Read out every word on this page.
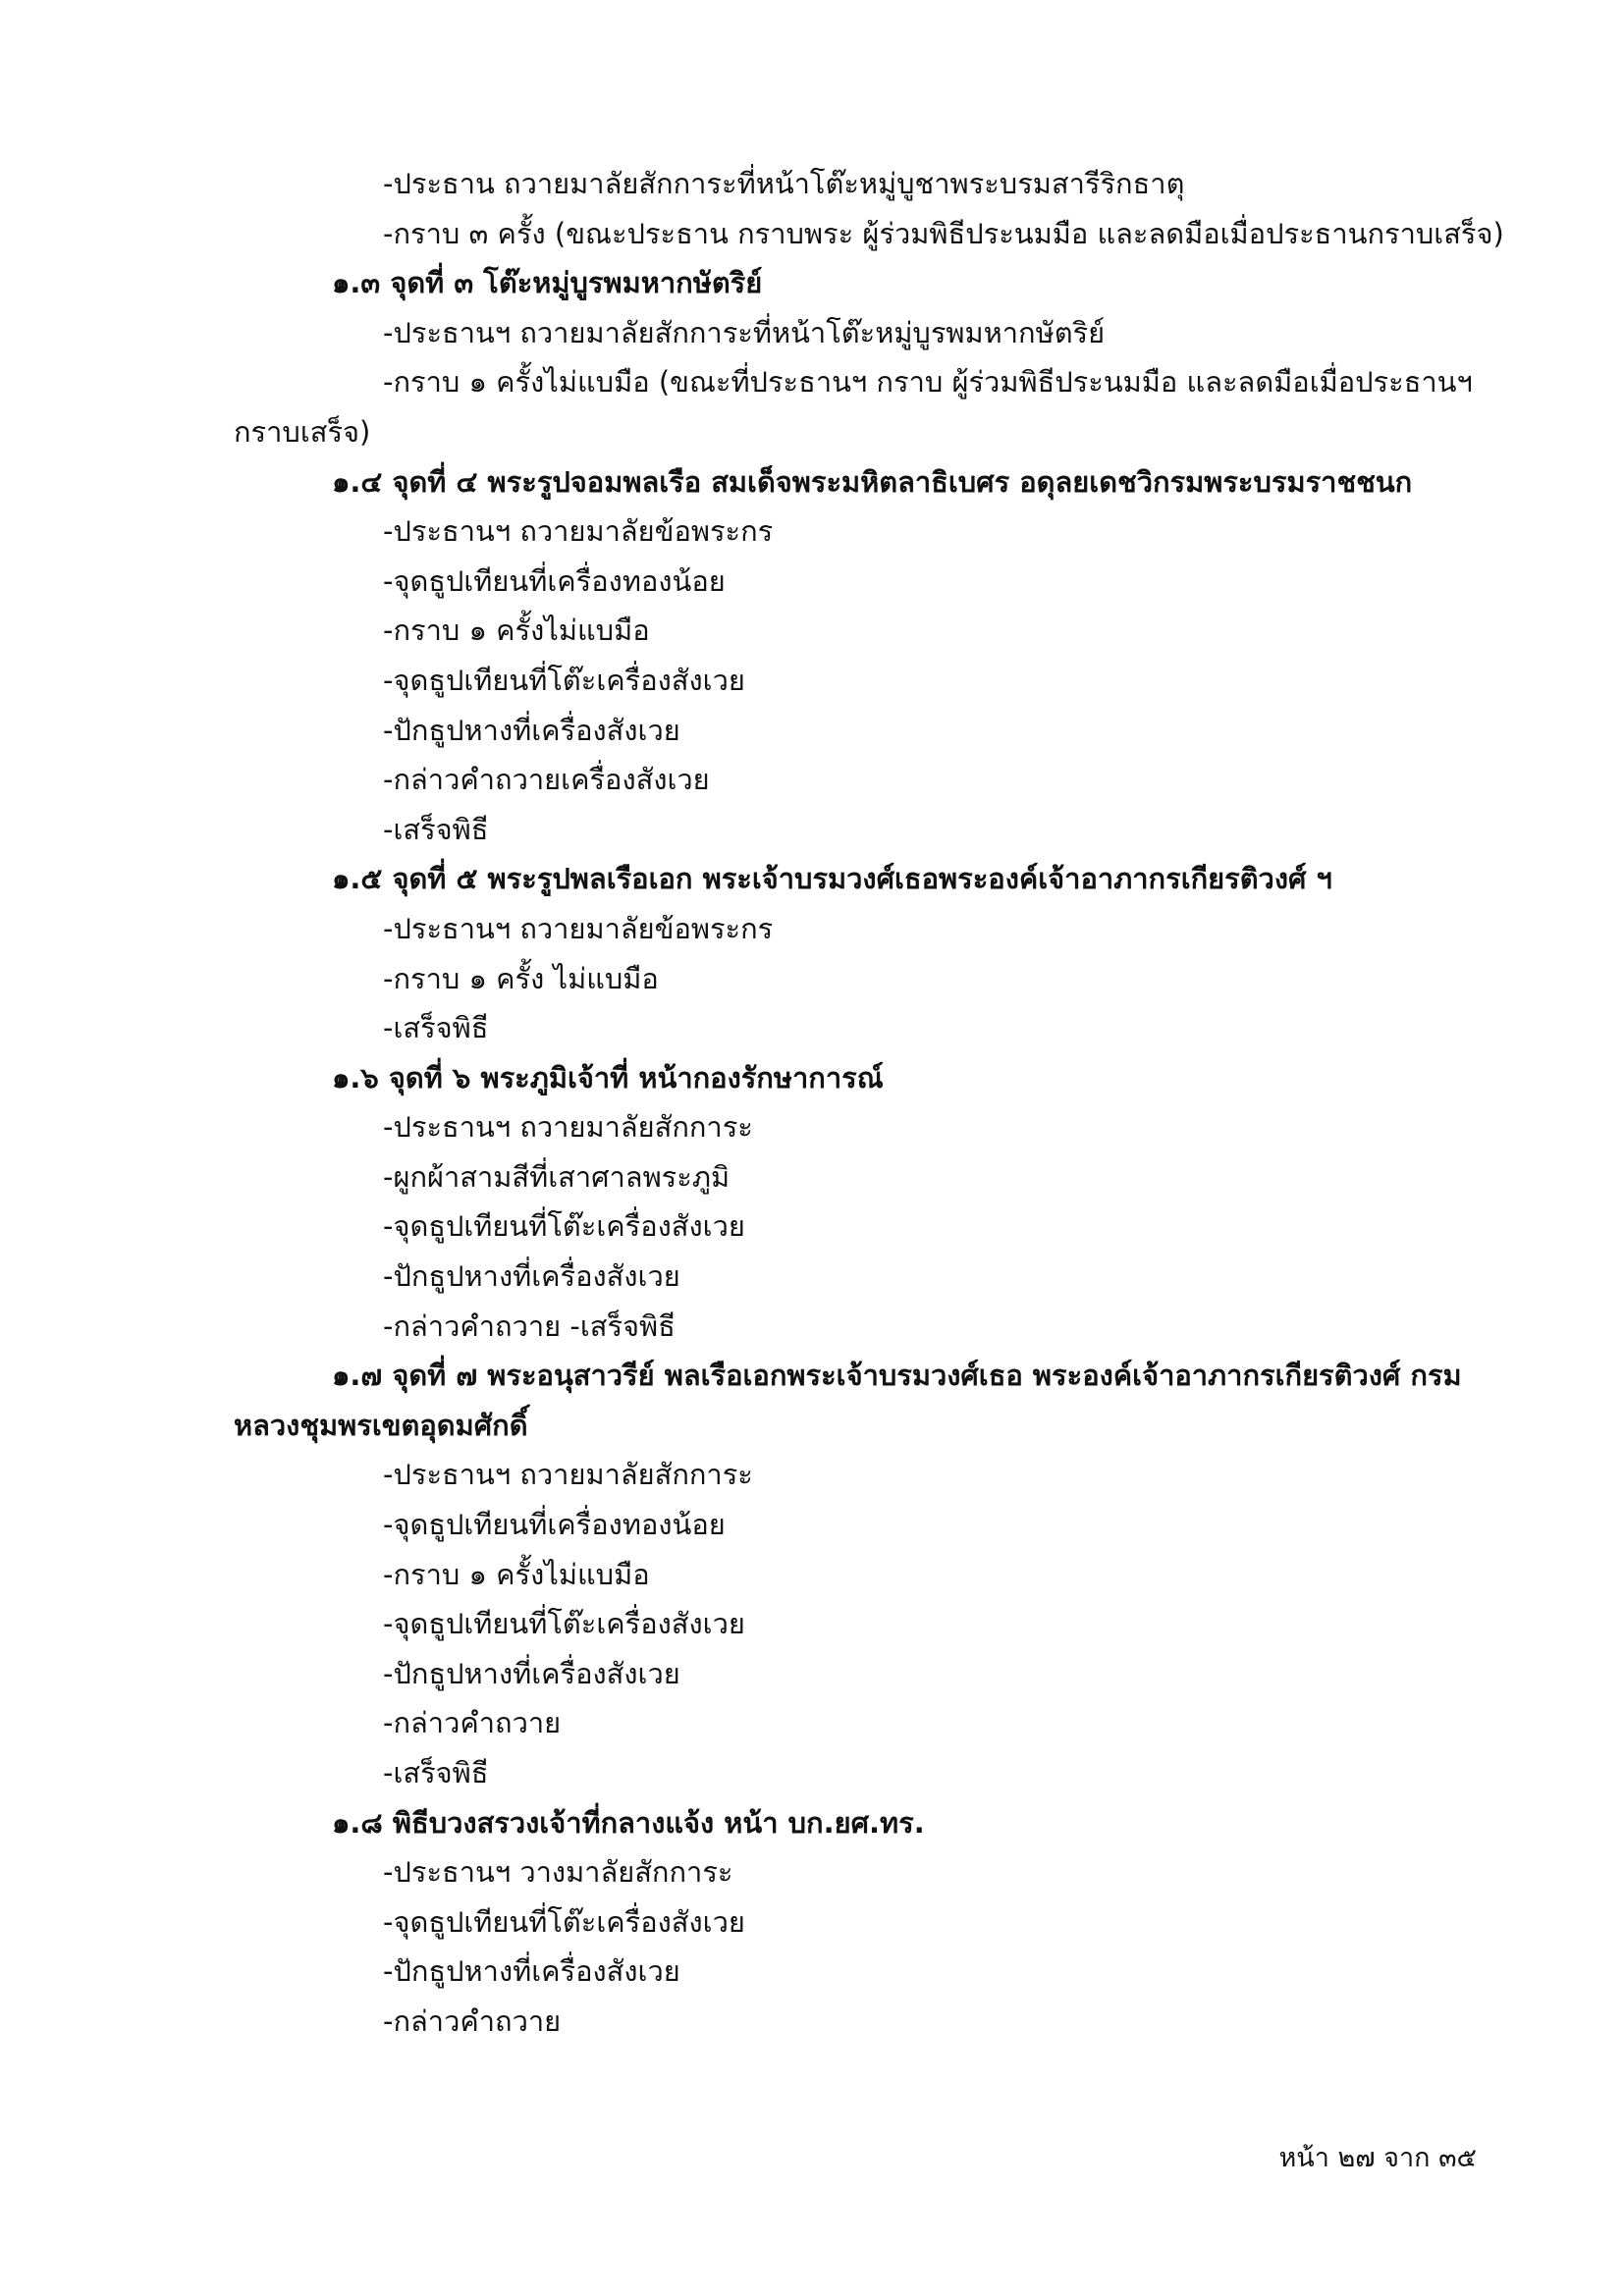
-ประธาน ถวายมาลัยสักการะที่หน้าโต๊ะหมู่บูชาพระบรมสารีริกธาตุ
-กราบ ๓ ครั้ง (ขณะประธาน กราบพระ ผู้ร่วมพิธีประนมมือ และลดมือเมื่อประธานกราบเสร็จ)
๑.๓ จุดที่ ๓ โต๊ะหมู่บูรพมหากษัตริย์
-ประธานฯ ถวายมาลัยสักการะที่หน้าโต๊ะหมู่บูรพมหากษัตริย์
-กราบ ๑ ครั้งไม่แบมือ (ขณะที่ประธานฯ กราบ ผู้ร่วมพิธีประนมมือ และลดมือเมื่อประธานฯ
กราบเสร็จ)
๑.๔ จุดที่ ๔ พระรูปจอมพลเรือ สมเด็จพระมหิตลาธิเบศร อดุลยเดชวิกรมพระบรมราชชนก
-ประธานฯ ถวายมาลัยข้อพระกร
-จุดธูปเทียนที่เครื่องทองน้อย
-กราบ ๑ ครั้งไม่แบมือ
-จุดธูปเทียนที่โต๊ะเครื่องสังเวย
-ปักธูปหางที่เครื่องสังเวย
-กล่าวคำถวายเครื่องสังเวย
-เสร็จพิธี
๑.๕ จุดที่ ๕ พระรูปพลเรือเอก พระเจ้าบรมวงศ์เธอพระองค์เจ้าอาภากรเกียรติวงศ์ ฯ
-ประธานฯ ถวายมาลัยข้อพระกร
-กราบ ๑ ครั้ง ไม่แบมือ
-เสร็จพิธี
๑.๖ จุดที่ ๖ พระภูมิเจ้าที่ หน้ากองรักษาการณ์
-ประธานฯ ถวายมาลัยสักการะ
-ผูกผ้าสามสีที่เสาศาลพระภูมิ
-จุดธูปเทียนที่โต๊ะเครื่องสังเวย
-ปักธูปหางที่เครื่องสังเวย
-กล่าวคำถวาย -เสร็จพิธี
๑.๗ จุดที่ ๗ พระอนุสาวรีย์ พลเรือเอกพระเจ้าบรมวงศ์เธอ พระองค์เจ้าอาภากรเกียรติวงศ์ กรม
หลวงชุมพรเขตอุดมศักดิ์
-ประธานฯ ถวายมาลัยสักการะ
-จุดธูปเทียนที่เครื่องทองน้อย
-กราบ ๑ ครั้งไม่แบมือ
-จุดธูปเทียนที่โต๊ะเครื่องสังเวย
-ปักธูปหางที่เครื่องสังเวย
-กล่าวคำถวาย
-เสร็จพิธี
๑.๘ พิธีบวงสรวงเจ้าที่กลางแจ้ง หน้า บก.ยศ.ทร.
-ประธานฯ วางมาลัยสักการะ
-จุดธูปเทียนที่โต๊ะเครื่องสังเวย
-ปักธูปหางที่เครื่องสังเวย
-กล่าวคำถวาย
หน้า ๒๗ จาก ๓๕
